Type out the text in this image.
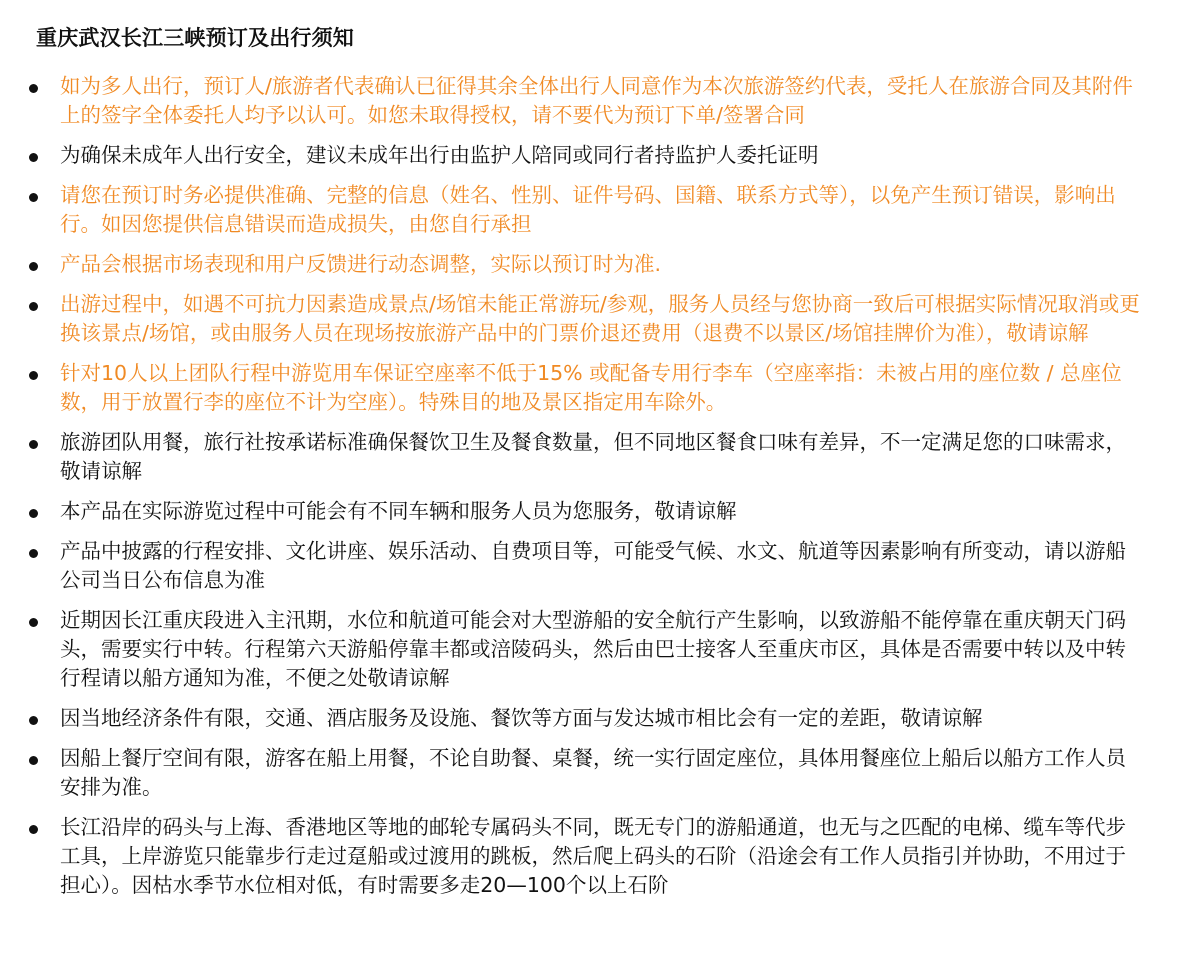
重庆武汉长江三峡预订及出行须知
如为多人出行，预订人/旅游者代表确认已征得其余全体出行人同意作为本次旅游签约代表，受托人在旅游合同及其附件上的签字全体委托人均予以认可。如您未取得授权，请不要代为预订下单/签署合同
为确保未成年人出行安全，建议未成年出行由监护人陪同或同行者持监护人委托证明
请您在预订时务必提供准确、完整的信息（姓名、性别、证件号码、国籍、联系方式等），以免产生预订错误，影响出行。如因您提供信息错误而造成损失，由您自行承担
产品会根据市场表现和用户反馈进行动态调整，实际以预订时为准.
出游过程中，如遇不可抗力因素造成景点/场馆未能正常游玩/参观，服务人员经与您协商一致后可根据实际情况取消或更换该景点/场馆，或由服务人员在现场按旅游产品中的门票价退还费用（退费不以景区/场馆挂牌价为准），敬请谅解
针对10人以上团队行程中游览用车保证空座率不低于15% 或配备专用行李车（空座率指：未被占用的座位数 / 总座位数，用于放置行李的座位不计为空座）。特殊目的地及景区指定用车除外。
旅游团队用餐，旅行社按承诺标准确保餐饮卫生及餐食数量，但不同地区餐食口味有差异，不一定满足您的口味需求，敬请谅解
本产品在实际游览过程中可能会有不同车辆和服务人员为您服务，敬请谅解
产品中披露的行程安排、文化讲座、娱乐活动、自费项目等，可能受气候、水文、航道等因素影响有所变动，请以游船公司当日公布信息为准
近期因长江重庆段进入主汛期，水位和航道可能会对大型游船的安全航行产生影响，以致游船不能停靠在重庆朝天门码头，需要实行中转。行程第六天游船停靠丰都或涪陵码头，然后由巴士接客人至重庆市区，具体是否需要中转以及中转行程请以船方通知为准，不便之处敬请谅解
因当地经济条件有限，交通、酒店服务及设施、餐饮等方面与发达城市相比会有一定的差距，敬请谅解
因船上餐厅空间有限，游客在船上用餐，不论自助餐、桌餐，统一实行固定座位，具体用餐座位上船后以船方工作人员安排为准。
长江沿岸的码头与上海、香港地区等地的邮轮专属码头不同，既无专门的游船通道，也无与之匹配的电梯、缆车等代步工具，上岸游览只能靠步行走过趸船或过渡用的跳板，然后爬上码头的石阶（沿途会有工作人员指引并协助，不用过于担心）。因枯水季节水位相对低，有时需要多走20—100个以上石阶
